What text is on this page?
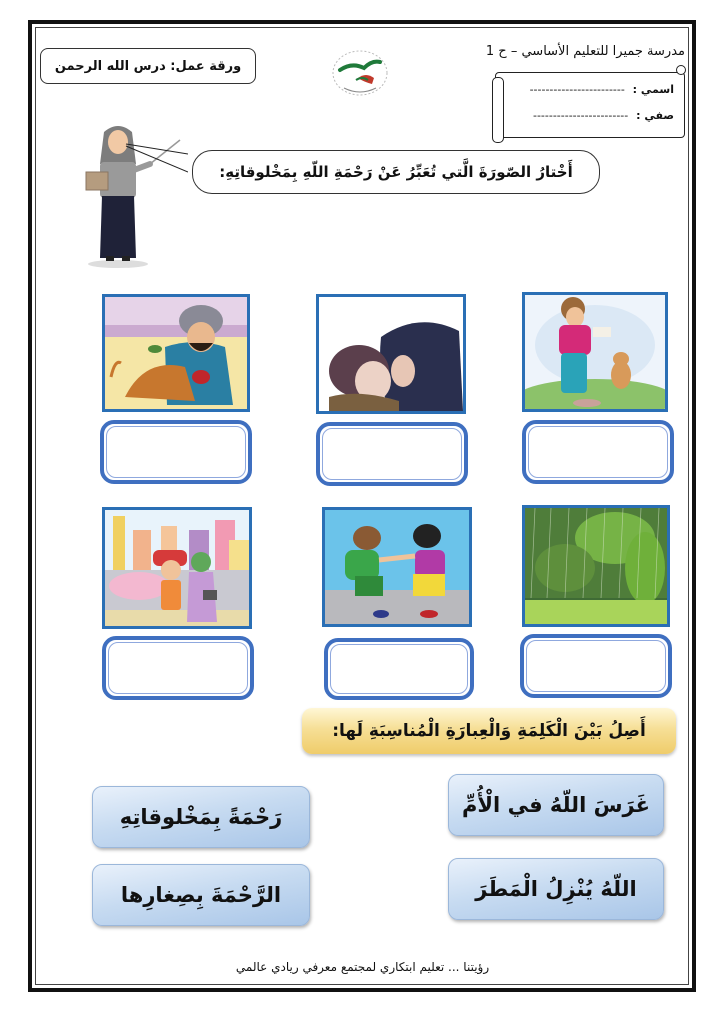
مدرسة جميرا للتعليم الأساسي – ح 1
اسمي : ------------------------
صفي : ------------------------
ورقة عمل: درس الله الرحمن
أَخْتارُ الصّورَةَ الَّتي تُعَبِّرُ عَنْ رَحْمَةِ اللّهِ بِمَخْلوقاتِهِ:
أَصِلُ بَيْنَ الْكَلِمَةِ وَالْعِبارَةِ الْمُناسِبَةِ لَها:
غَرَسَ اللّهُ في الْأُمِّ
اللّهُ يُنْزِلُ الْمَطَرَ
رَحْمَةً بِمَخْلوقاتِهِ
الرَّحْمَةَ بِصِغارِها
رؤيتنا ... تعليم ابتكاري لمجتمع معرفي ريادي عالمي
